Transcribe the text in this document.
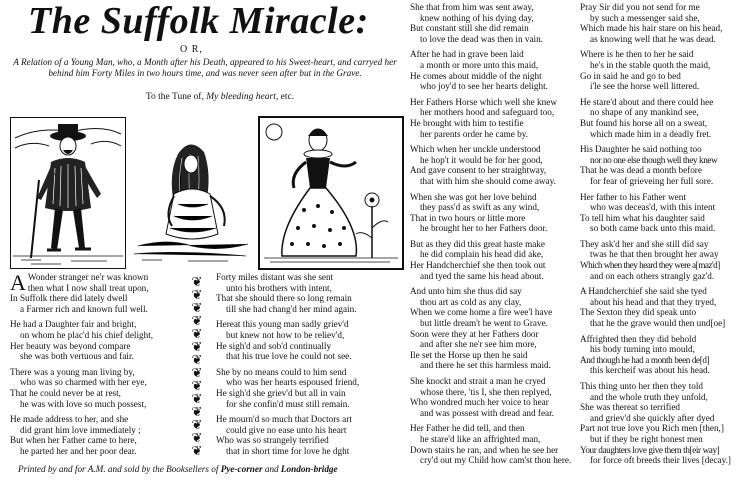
The Suffolk Miracle:
O R,
A Relation of a Young Man, who, a Month after his Death, appeared to his Sweet-heart, and carryed her behind him Forty Miles in two hours time, and was never seen after but in the Grave.
To the Tune of, My bleeding heart, etc.

A Wonder stranger ne'r was known
then what I now shall treat upon,
In Suffolk there did lately dwell
a Farmer rich and known full well.

He had a Daughter fair and bright,
on whom he plac'd his chief delight,
Her beauty was beyond compare
she was both vertuous and fair.

There was a young man living by,
who was so charmed with her eye,
That he could never be at rest,
he was with love so much possest,

He made address to her, and she
did grant him love immediately ;
But when her Father came to here,
he parted her and her poor dear.

❦
❦
❦
❦
❦
❦
❦
❦
❦
❦
❦
❦
❦
❦

Forty miles distant was she sent
unto his brothers with intent,
That she should there so long remain
till she had chang'd her mind again.

Hereat this young man sadly griev'd
but knew not how to be reliev'd,
He sigh'd and sob'd continually
that his true love he could not see.

She by no means could to him send
who was her hearts espoused friend,
He sigh'd she griev'd but all in vain
for she confin'd must still remain.

He mourn'd so much that Doctors art
could give no ease unto his heart
Who was so strangely terrified
that in short time for love he dght

She that from him was sent away,
knew nothing of his dying day,
But constant still she did remain
to love the dead was then in vain.

After he had in grave been laid
a month or more unto this maid,
He comes about middle of the night
who joy'd to see her hearts delight.

Her Fathers Horse which well she knew
her mothers hood and safeguard too,
He brought with him to testifie
her parents order he came by.

Which when her unckle understood
he hop't it would be for her good,
And gave consent to her straightway,
that with him she should come away.

When she was got her love behind
they pass'd as swift as any wind,
That in two hours or little more
he brought her to her Fathers door.

But as they did this great haste make
he did complain his head did ake,
Her Handcherchief she then took out
and tyed the same his head about.

And unto him she thus did say
thou art as cold as any clay,
When we come home a fire wee'l have
but little dream't he went to Grave.

Soon were they at her Fathers door
and after she ne'r see him more,
Ile set the Horse up then he said
and there he set this harmless maid.

She knockt and strait a man he cryed
whose there, 'tis I, she then replyed,
Who wondred much her voice to hear
and was possest with dread and fear.

Her Father he did tell, and then
he stare'd like an affrighted man,
Down stairs he ran, and when he see her
cry'd out my Child how cam'st thou here.

Pray Sir did you not send for me
by such a messenger said she,
Which made his hair stare on his head,
as knowing well that he was dead.

Where is he then to her he said
he's in the stable quoth the maid,
Go in said he and go to bed
i'le see the horse well littered.

He stare'd about and there could hee
no shape of any mankind see,
But found his horse all on a sweat,
which made him in a deadly fret.

His Daughter he said nothing too
nor no one else though well they knew
That he was dead a month before
for fear of grieveing her full sore.

Her father to his Father went
who was deceas'd, with this intent
To tell him what his daughter said
so both came back unto this maid.

They ask'd her and she still did say
twas he that then brought her away
Which when they heard they were a[maz'd]
and on each others strangly gaz'd.

A Handcherchief she said she tyed
about his head and that they tryed,
The Sexton they did speak unto
that he the grave would then und[oe]

Affrighted then they did behold
his body turning into mould,
And though he had a month been de[d]
this kercheif was about his head.

This thing unto her then they told
and the whole truth they unfold,
She was thereat so terrified
and griev'd she quickly after dyed

Part not true love you Rich men [then,]
but if they be right honest men
Your daughters love give them th[eir way]
for force oft breeds their lives [decay.]

Printed by and for A.M. and sold by the Booksellers of Pye-corner and London-bridge
